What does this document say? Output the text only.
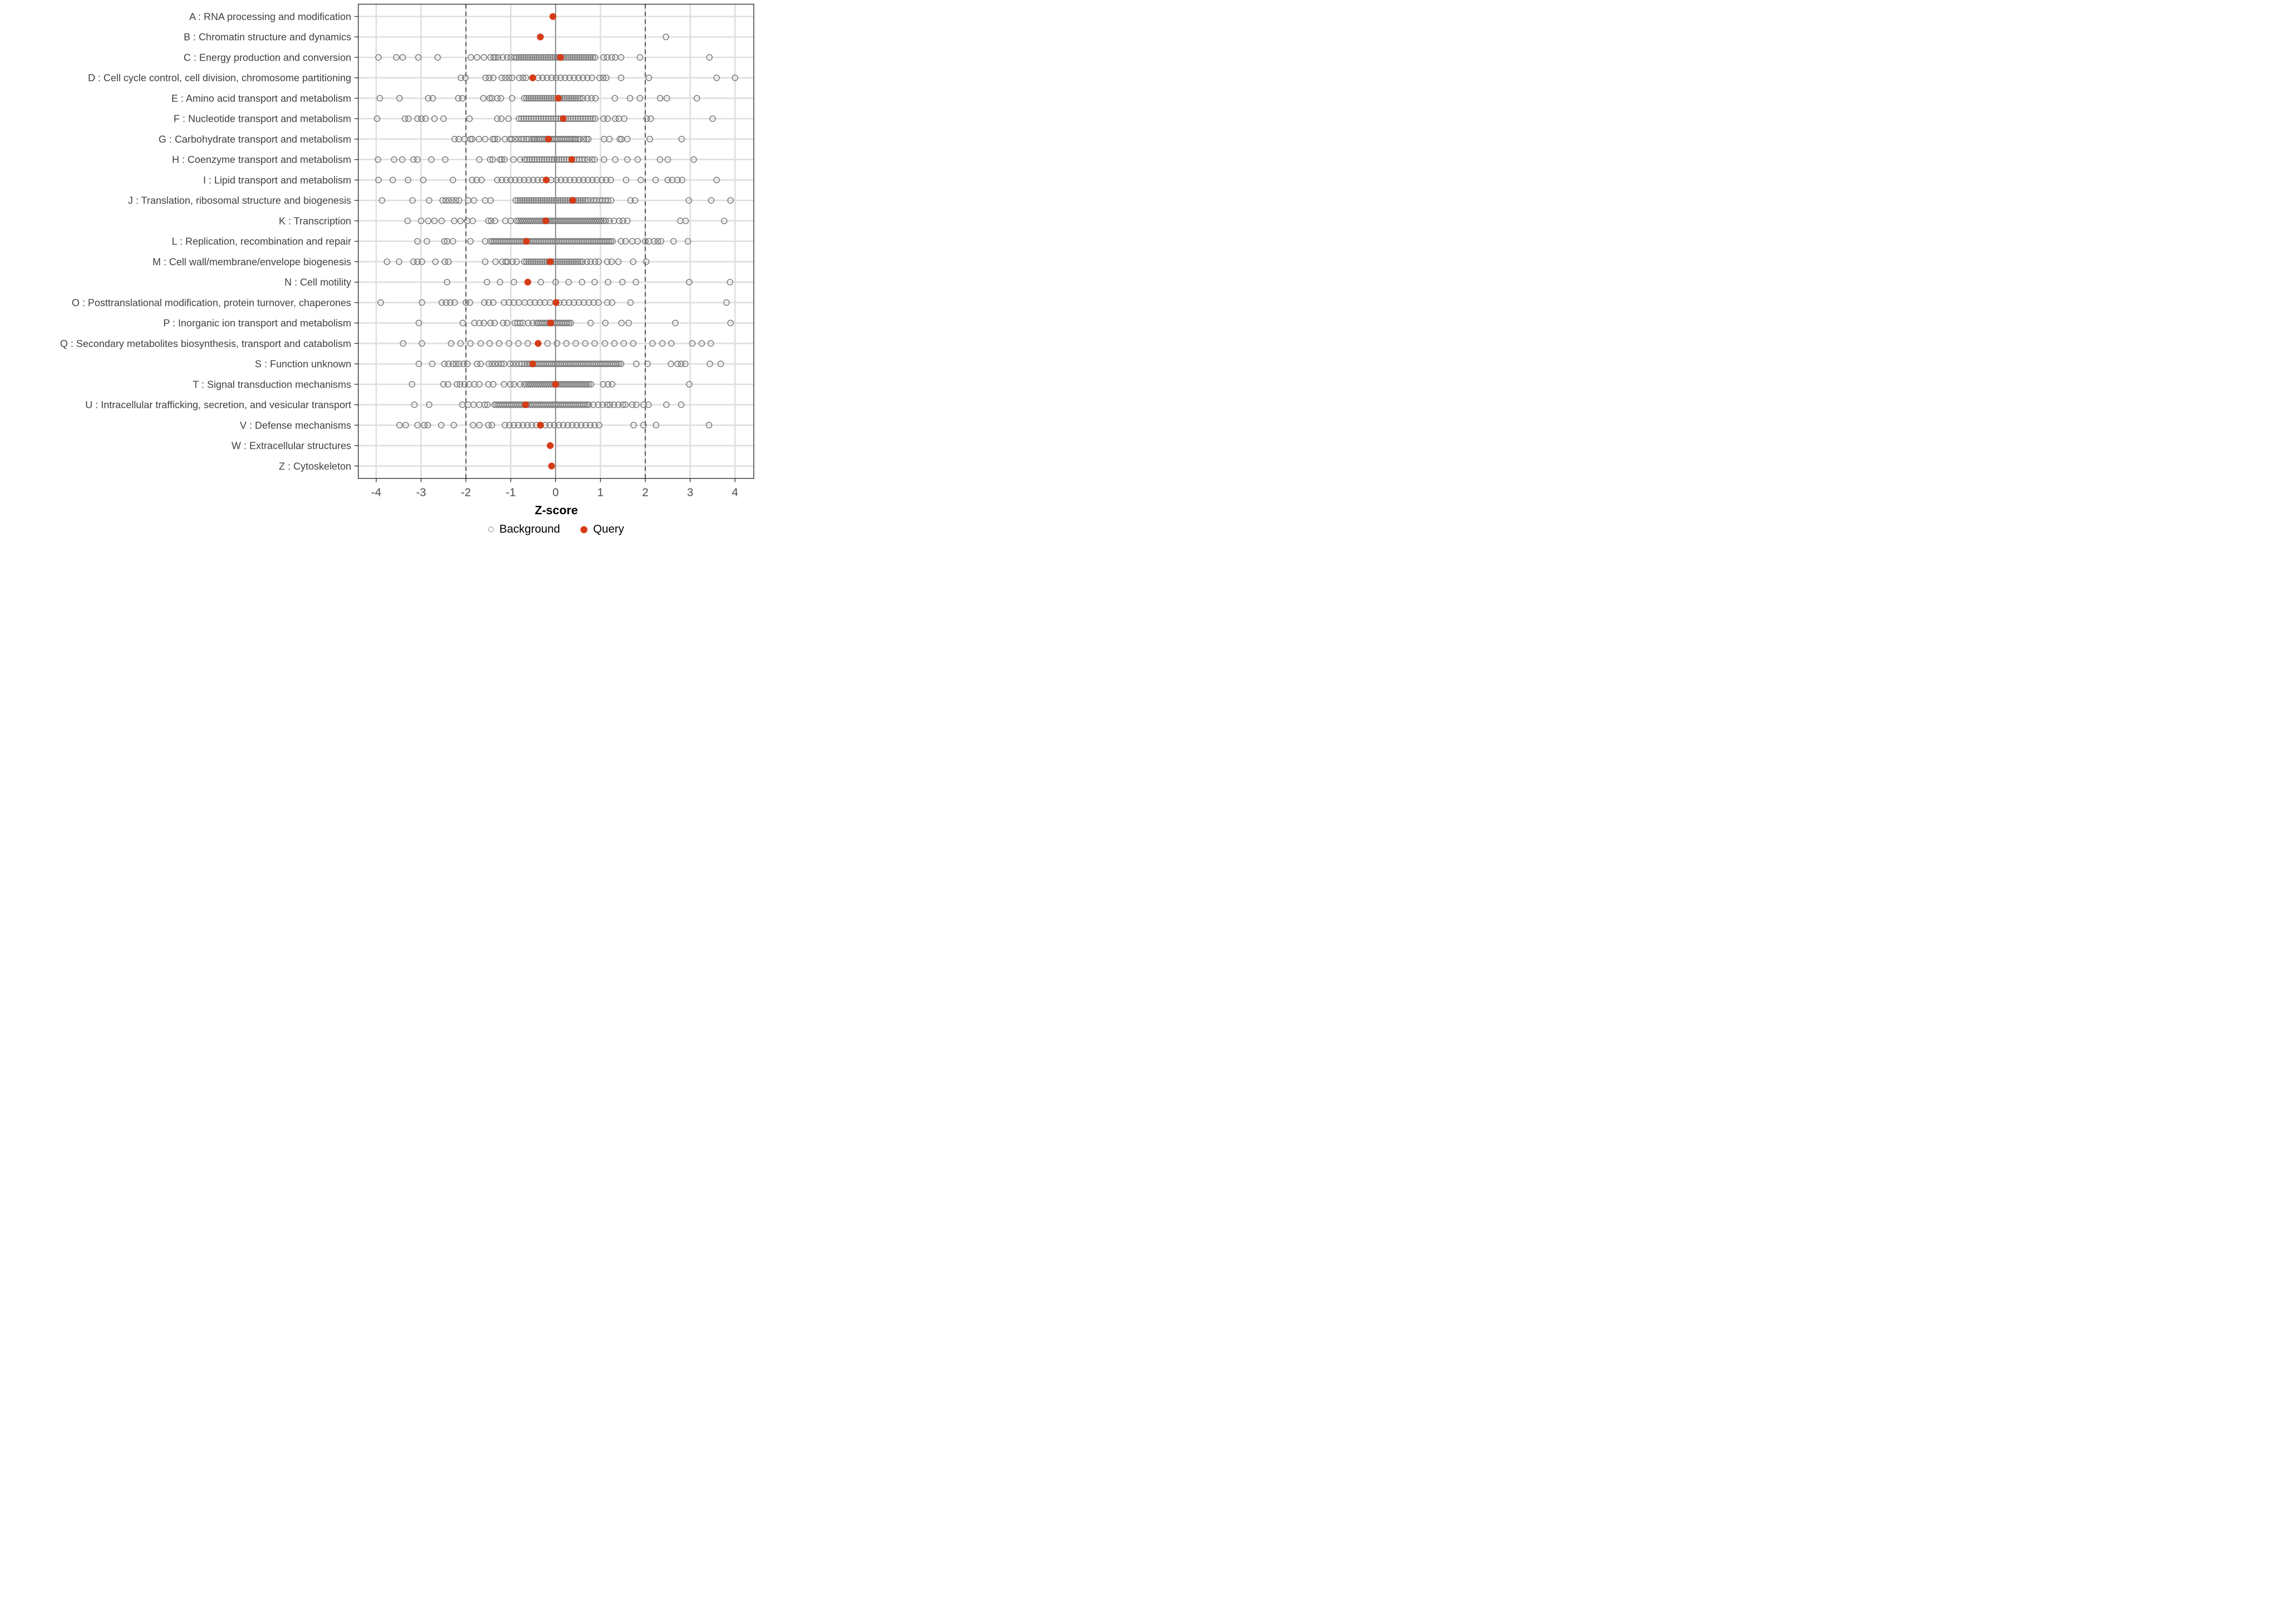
-4	-3	-2	-1	0	1	2	3	4
A : RNA processing and modification
B : Chromatin structure and dynamics
C : Energy production and conversion
D : Cell cycle control, cell division, chromosome partitioning
E : Amino acid transport and metabolism
F : Nucleotide transport and metabolism
G : Carbohydrate transport and metabolism
H : Coenzyme transport and metabolism
I : Lipid transport and metabolism
J : Translation, ribosomal structure and biogenesis
K : Transcription
L : Replication, recombination and repair
M : Cell wall/membrane/envelope biogenesis
N : Cell motility
O : Posttranslational modification, protein turnover, chaperones
P : Inorganic ion transport and metabolism
Q : Secondary metabolites biosynthesis, transport and catabolism
S : Function unknown
T : Signal transduction mechanisms
U : Intracellular trafficking, secretion, and vesicular transport
V : Defense mechanisms
W : Extracellular structures
Z : Cytoskeleton
Z-score
Background	Query
